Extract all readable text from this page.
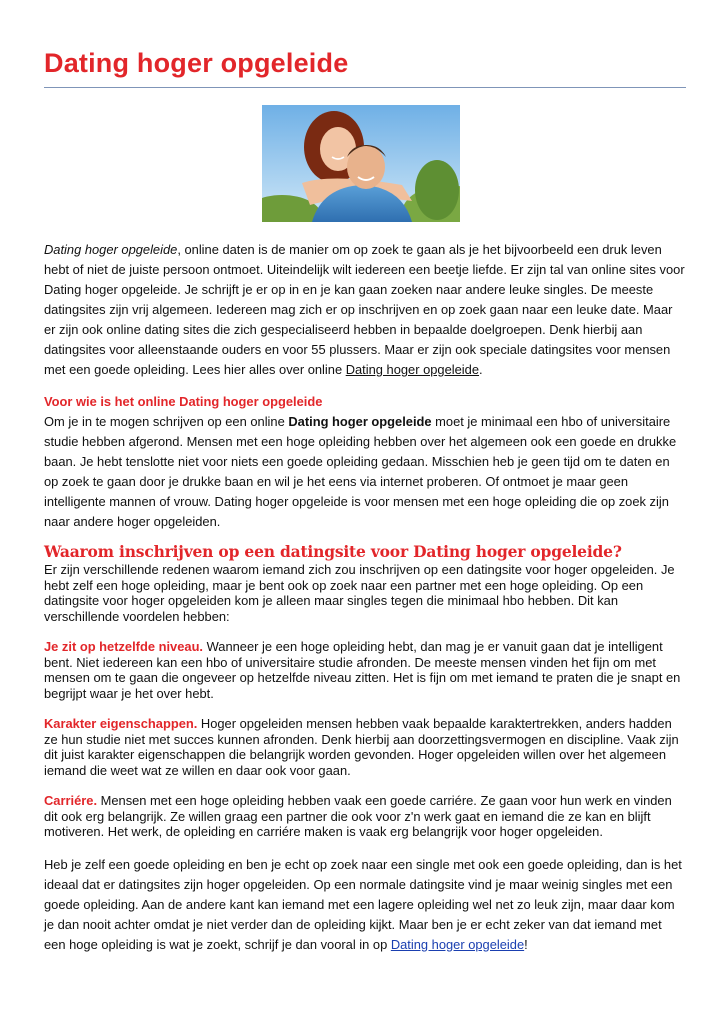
Dating hoger opgeleide

Dating hoger opgeleide, online daten is de manier om op zoek te gaan als je het bijvoorbeeld een druk leven hebt of niet de juiste persoon ontmoet. Uiteindelijk wilt iedereen een beetje liefde. Er zijn tal van online sites voor Dating hoger opgeleide. Je schrijft je er op in en je kan gaan zoeken naar andere leuke singles. De meeste datingsites zijn vrij algemeen. Iedereen mag zich er op inschrijven en op zoek gaan naar een leuke date. Maar er zijn ook online dating sites die zich gespecialiseerd hebben in bepaalde doelgroepen. Denk hierbij aan datingsites voor alleenstaande ouders en voor 55 plussers. Maar er zijn ook speciale datingsites voor mensen met een goede opleiding. Lees hier alles over online Dating hoger opgeleide.

Voor wie is het online Dating hoger opgeleide

Om je in te mogen schrijven op een online Dating hoger opgeleide moet je minimaal een hbo of universitaire studie hebben afgerond. Mensen met een hoge opleiding hebben over het algemeen ook een goede en drukke baan. Je hebt tenslotte niet voor niets een goede opleiding gedaan. Misschien heb je geen tijd om te daten en op zoek te gaan door je drukke baan en wil je het eens via internet proberen. Of ontmoet je maar geen intelligente mannen of vrouw. Dating hoger opgeleide is voor mensen met een hoge opleiding die op zoek zijn naar andere hoger opgeleiden.

Waarom inschrijven op een datingsite voor Dating hoger opgeleide?

Er zijn verschillende redenen waarom iemand zich zou inschrijven op een datingsite voor hoger opgeleiden. Je hebt zelf een hoge opleiding, maar je bent ook op zoek naar een partner met een hoge opleiding. Op een datingsite voor hoger opgeleiden kom je alleen maar singles tegen die minimaal hbo hebben. Dit kan verschillende voordelen hebben:

Je zit op hetzelfde niveau. Wanneer je een hoge opleiding hebt, dan mag je er vanuit gaan dat je intelligent bent. Niet iedereen kan een hbo of universitaire studie afronden. De meeste mensen vinden het fijn om met mensen om te gaan die ongeveer op hetzelfde niveau zitten. Het is fijn om met iemand te praten die je snapt en begrijpt waar je het over hebt.

Karakter eigenschappen. Hoger opgeleiden mensen hebben vaak bepaalde karaktertrekken, anders hadden ze hun studie niet met succes kunnen afronden. Denk hierbij aan doorzettingsvermogen en discipline. Vaak zijn dit juist karakter eigenschappen die belangrijk worden gevonden. Hoger opgeleiden willen over het algemeen iemand die weet wat ze willen en daar ook voor gaan.

Carriére. Mensen met een hoge opleiding hebben vaak een goede carriére. Ze gaan voor hun werk en vinden dit ook erg belangrijk. Ze willen graag een partner die ook voor z'n werk gaat en iemand die ze kan en blijft motiveren. Het werk, de opleiding en carriére maken is vaak erg belangrijk voor hoger opgeleiden.

Heb je zelf een goede opleiding en ben je echt op zoek naar een single met ook een goede opleiding, dan is het ideaal dat er datingsites zijn hoger opgeleiden. Op een normale datingsite vind je maar weinig singles met een goede opleiding. Aan de andere kant kan iemand met een lagere opleiding wel net zo leuk zijn, maar daar kom je dan nooit achter omdat je niet verder dan de opleiding kijkt. Maar ben je er echt zeker van dat iemand met een hoge opleiding is wat je zoekt, schrijf je dan vooral in op Dating hoger opgeleide!
